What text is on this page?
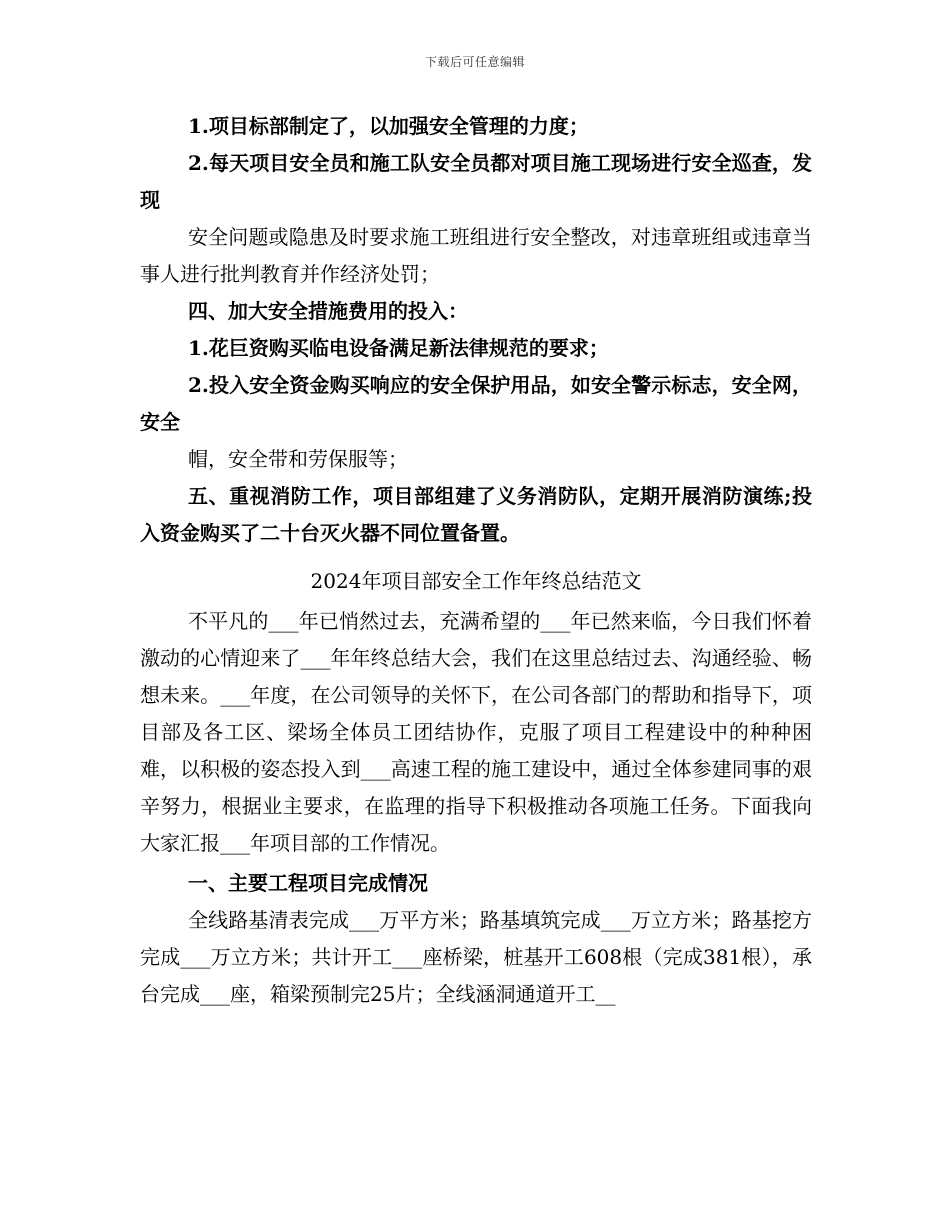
下载后可任意编辑

1.项目标部制定了，以加强安全管理的力度；

2.每天项目安全员和施工队安全员都对项目施工现场进行安全巡查，发现

安全问题或隐患及时要求施工班组进行安全整改，对违章班组或违章当事人进行批判教育并作经济处罚；

四、加大安全措施费用的投入：

1.花巨资购买临电设备满足新法律规范的要求；

2.投入安全资金购买响应的安全保护用品，如安全警示标志，安全网，安全

帽，安全带和劳保服等；

五、重视消防工作，项目部组建了义务消防队，定期开展消防演练;投入资金购买了二十台灭火器不同位置备置。

2024年项目部安全工作年终总结范文

不平凡的___年已悄然过去，充满希望的___年已然来临，今日我们怀着激动的心情迎来了___年年终总结大会，我们在这里总结过去、沟通经验、畅想未来。___年度，在公司领导的关怀下，在公司各部门的帮助和指导下，项目部及各工区、梁场全体员工团结协作，克服了项目工程建设中的种种困难，以积极的姿态投入到___高速工程的施工建设中，通过全体参建同事的艰辛努力，根据业主要求，在监理的指导下积极推动各项施工任务。下面我向大家汇报___年项目部的工作情况。

一、主要工程项目完成情况

全线路基清表完成___万平方米；路基填筑完成___万立方米；路基挖方完成___万立方米；共计开工___座桥梁，桩基开工608根（完成381根），承台完成___座，箱梁预制完25片；全线涵洞通道开工__
